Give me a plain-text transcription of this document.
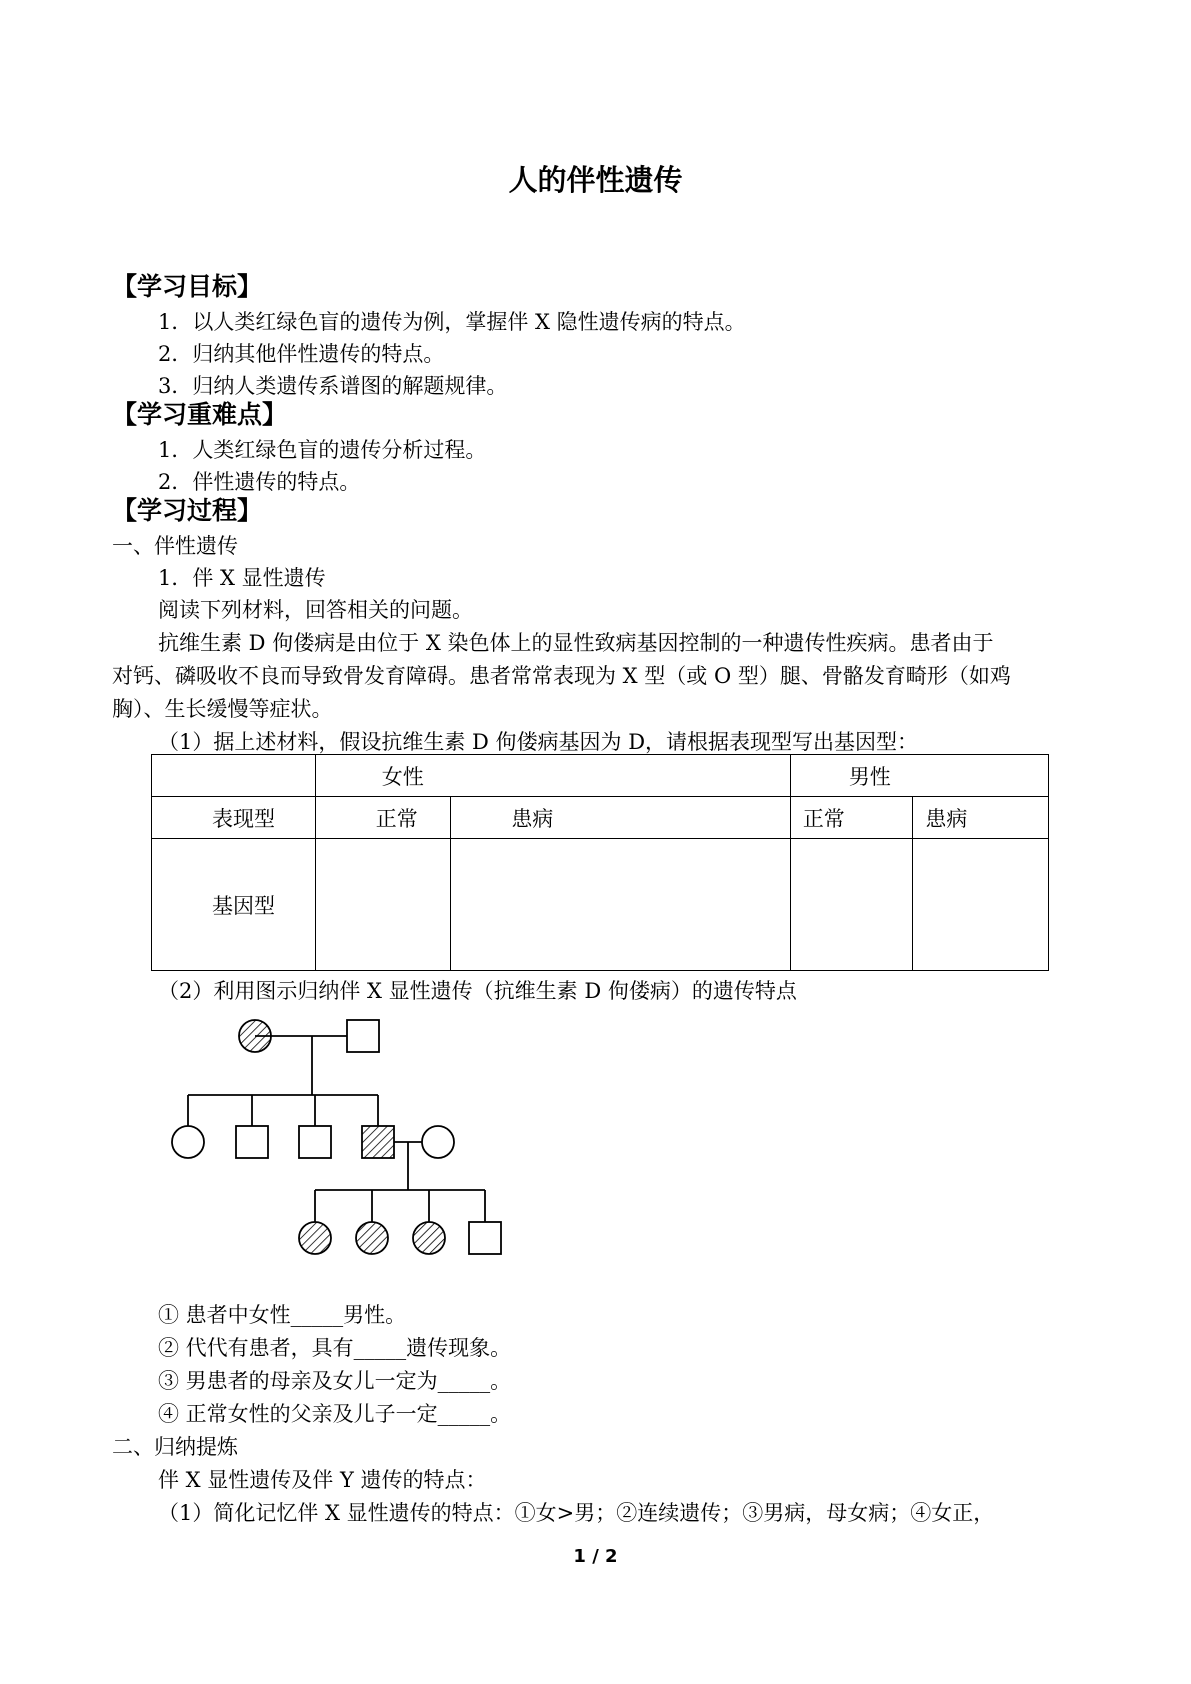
人的伴性遗传
【学习目标】
1．以人类红绿色盲的遗传为例，掌握伴 X 隐性遗传病的特点。
2．归纳其他伴性遗传的特点。
3．归纳人类遗传系谱图的解题规律。
【学习重难点】
1．人类红绿色盲的遗传分析过程。
2．伴性遗传的特点。
【学习过程】
一、伴性遗传
1．伴 X 显性遗传
阅读下列材料，回答相关的问题。
抗维生素 D 佝偻病是由位于 X 染色体上的显性致病基因控制的一种遗传性疾病。患者由于
对钙、磷吸收不良而导致骨发育障碍。患者常常表现为 X 型（或 O 型）腿、骨骼发育畸形（如鸡
胸）、生长缓慢等症状。
（1）据上述材料，假设抗维生素 D 佝偻病基因为 D，请根据表现型写出基因型：

	女性		男性	

表现型	正常	患病	正常	患病

基因型				

（2）利用图示归纳伴 X 显性遗传（抗维生素 D 佝偻病）的遗传特点
① 患者中女性_____男性。
② 代代有患者，具有_____遗传现象。
③ 男患者的母亲及女儿一定为_____。
④ 正常女性的父亲及儿子一定_____。
二、归纳提炼
伴 X 显性遗传及伴 Y 遗传的特点：
（1）简化记忆伴 X 显性遗传的特点：①女>男；②连续遗传；③男病，母女病；④女正，
1 / 2
